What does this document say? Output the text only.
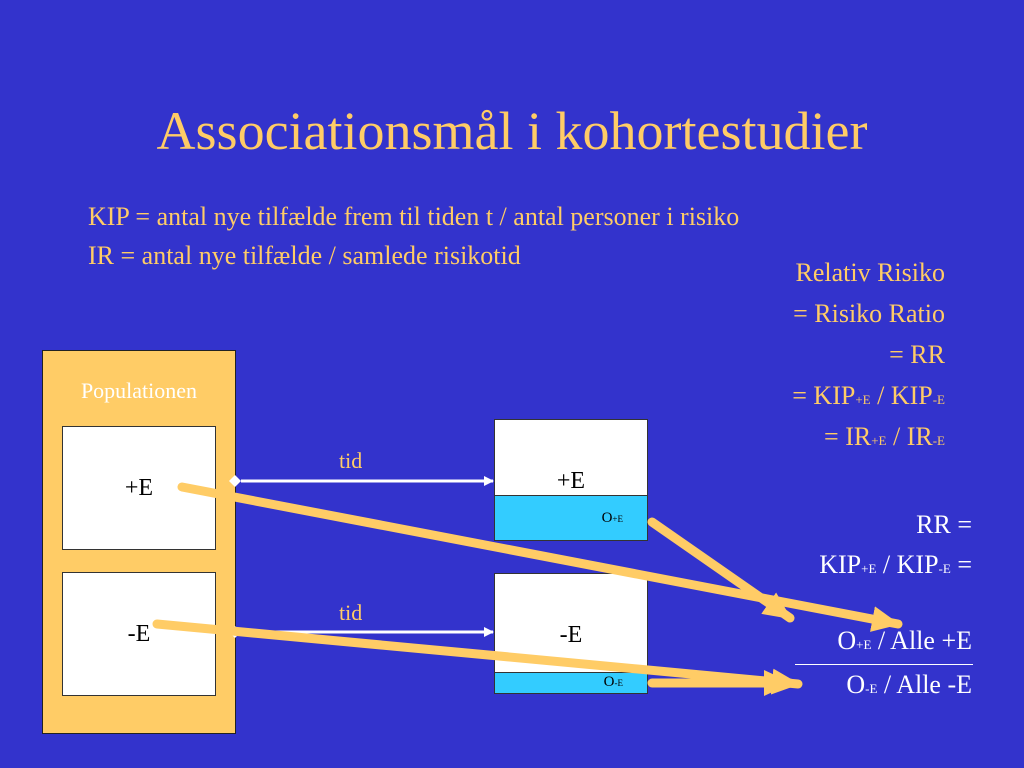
Associationsmål i kohortestudier
KIP = antal nye tilfælde frem til tiden t / antal personer i risiko
IR = antal nye tilfælde / samlede risikotid
Relativ Risiko
= Risiko Ratio
= RR
= KIP+E / KIP-E
= IR+E / IR-E
Populationen
+E
-E
tid
tid
+E
O+E
-E
O-E
RR =
KIP+E / KIP-E =
O+E / Alle +E
O-E / Alle -E
